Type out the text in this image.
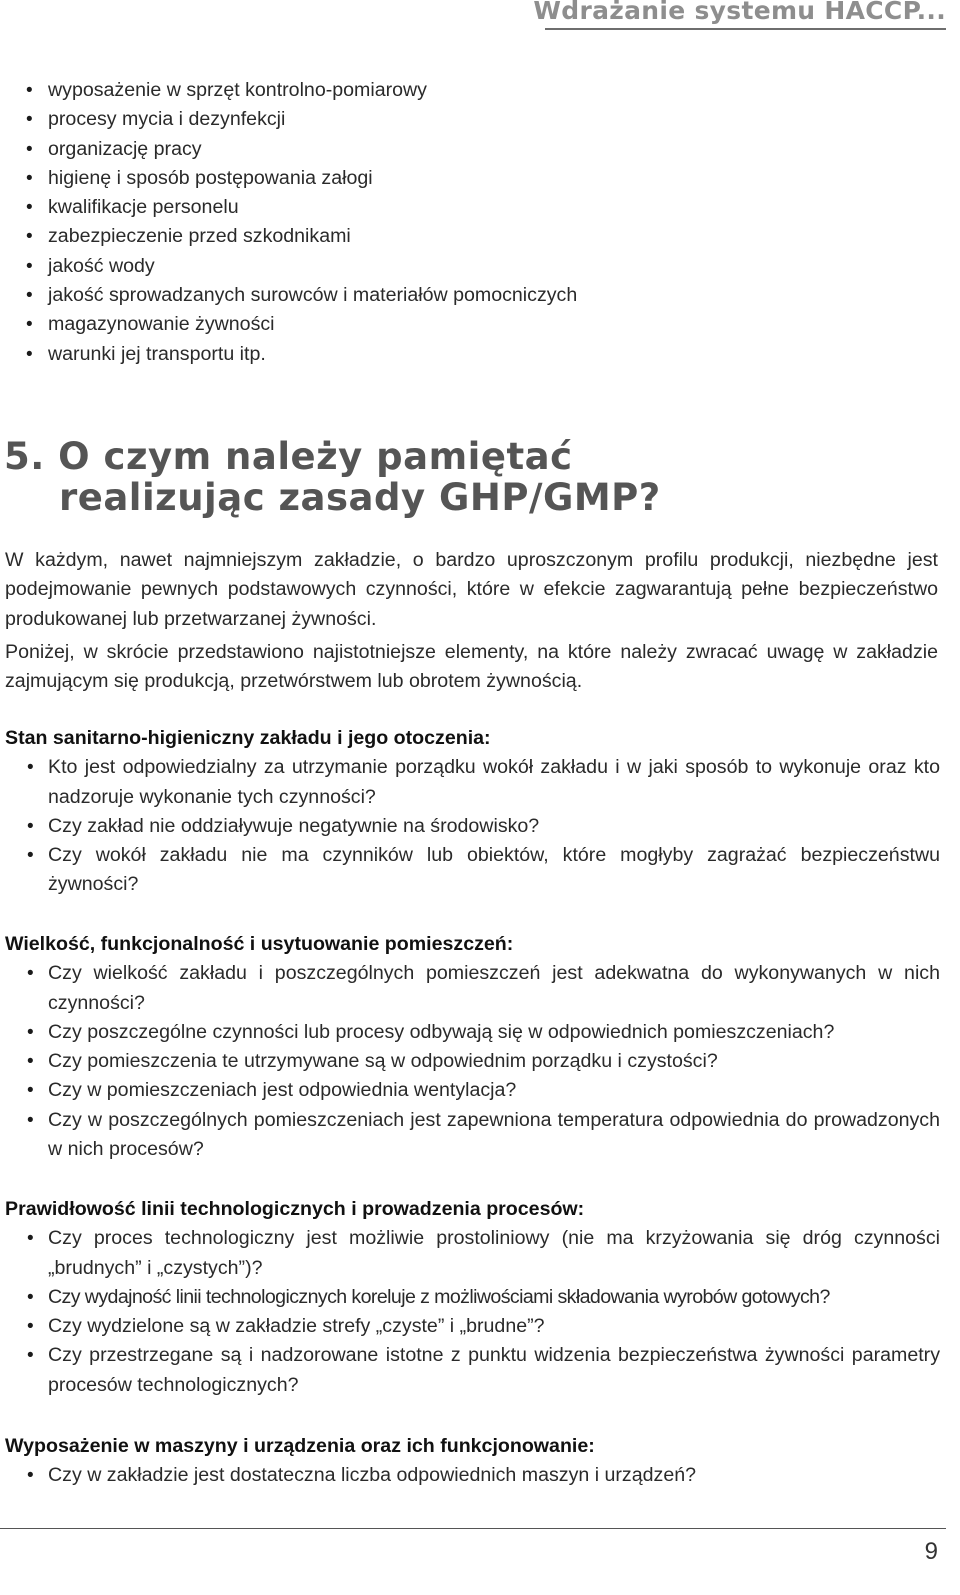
Wdrażanie systemu HACCP...
• wyposażenie w sprzęt kontrolno-pomiarowy
• procesy mycia i dezynfekcji
• organizację pracy
• higienę i sposób postępowania załogi
• kwalifikacje personelu
• zabezpieczenie przed szkodnikami
• jakość wody
• jakość sprowadzanych surowców i materiałów pomocniczych
• magazynowanie żywności
• warunki jej transportu itp.
5. O czym należy pamiętać
realizując zasady GHP/GMP?

W każdym, nawet najmniejszym zakładzie, o bardzo uproszczonym profilu produkcji, niezbędne jest podejmowanie pewnych podstawowych czynności, które w efekcie zagwarantują pełne bezpieczeństwo produkowanej lub przetwarzanej żywności.

Poniżej, w skrócie przedstawiono najistotniejsze elementy, na które należy zwracać uwagę w zakładzie zajmującym się produkcją, przetwórstwem lub obrotem żywnością.

Stan sanitarno-higieniczny zakładu i jego otoczenia:

• Kto jest odpowiedzialny za utrzymanie porządku wokół zakładu i w jaki sposób to wykonuje oraz kto nadzoruje wykonanie tych czynności?
• Czy zakład nie oddziaływuje negatywnie na środowisko?
• Czy wokół zakładu nie ma czynników lub obiektów, które mogłyby zagrażać bezpieczeństwu żywności?

Wielkość, funkcjonalność i usytuowanie pomieszczeń:

• Czy wielkość zakładu i poszczególnych pomieszczeń jest adekwatna do wykonywanych w nich czynności?
• Czy poszczególne czynności lub procesy odbywają się w odpowiednich pomieszczeniach?
• Czy pomieszczenia te utrzymywane są w odpowiednim porządku i czystości?
• Czy w pomieszczeniach jest odpowiednia wentylacja?
• Czy w poszczególnych pomieszczeniach jest zapewniona temperatura odpowiednia do prowadzonych w nich procesów?

Prawidłowość linii technologicznych i prowadzenia procesów:

• Czy proces technologiczny jest możliwie prostoliniowy (nie ma krzyżowania się dróg czynności „brudnych” i „czystych”)?
• Czy wydajność linii technologicznych koreluje z możliwościami składowania wyrobów gotowych?
• Czy wydzielone są w zakładzie strefy „czyste” i „brudne”?
• Czy przestrzegane są i nadzorowane istotne z punktu widzenia bezpieczeństwa żywności parametry procesów technologicznych?

Wyposażenie w maszyny i urządzenia oraz ich funkcjonowanie:

• Czy w zakładzie jest dostateczna liczba odpowiednich maszyn i urządzeń?
9
